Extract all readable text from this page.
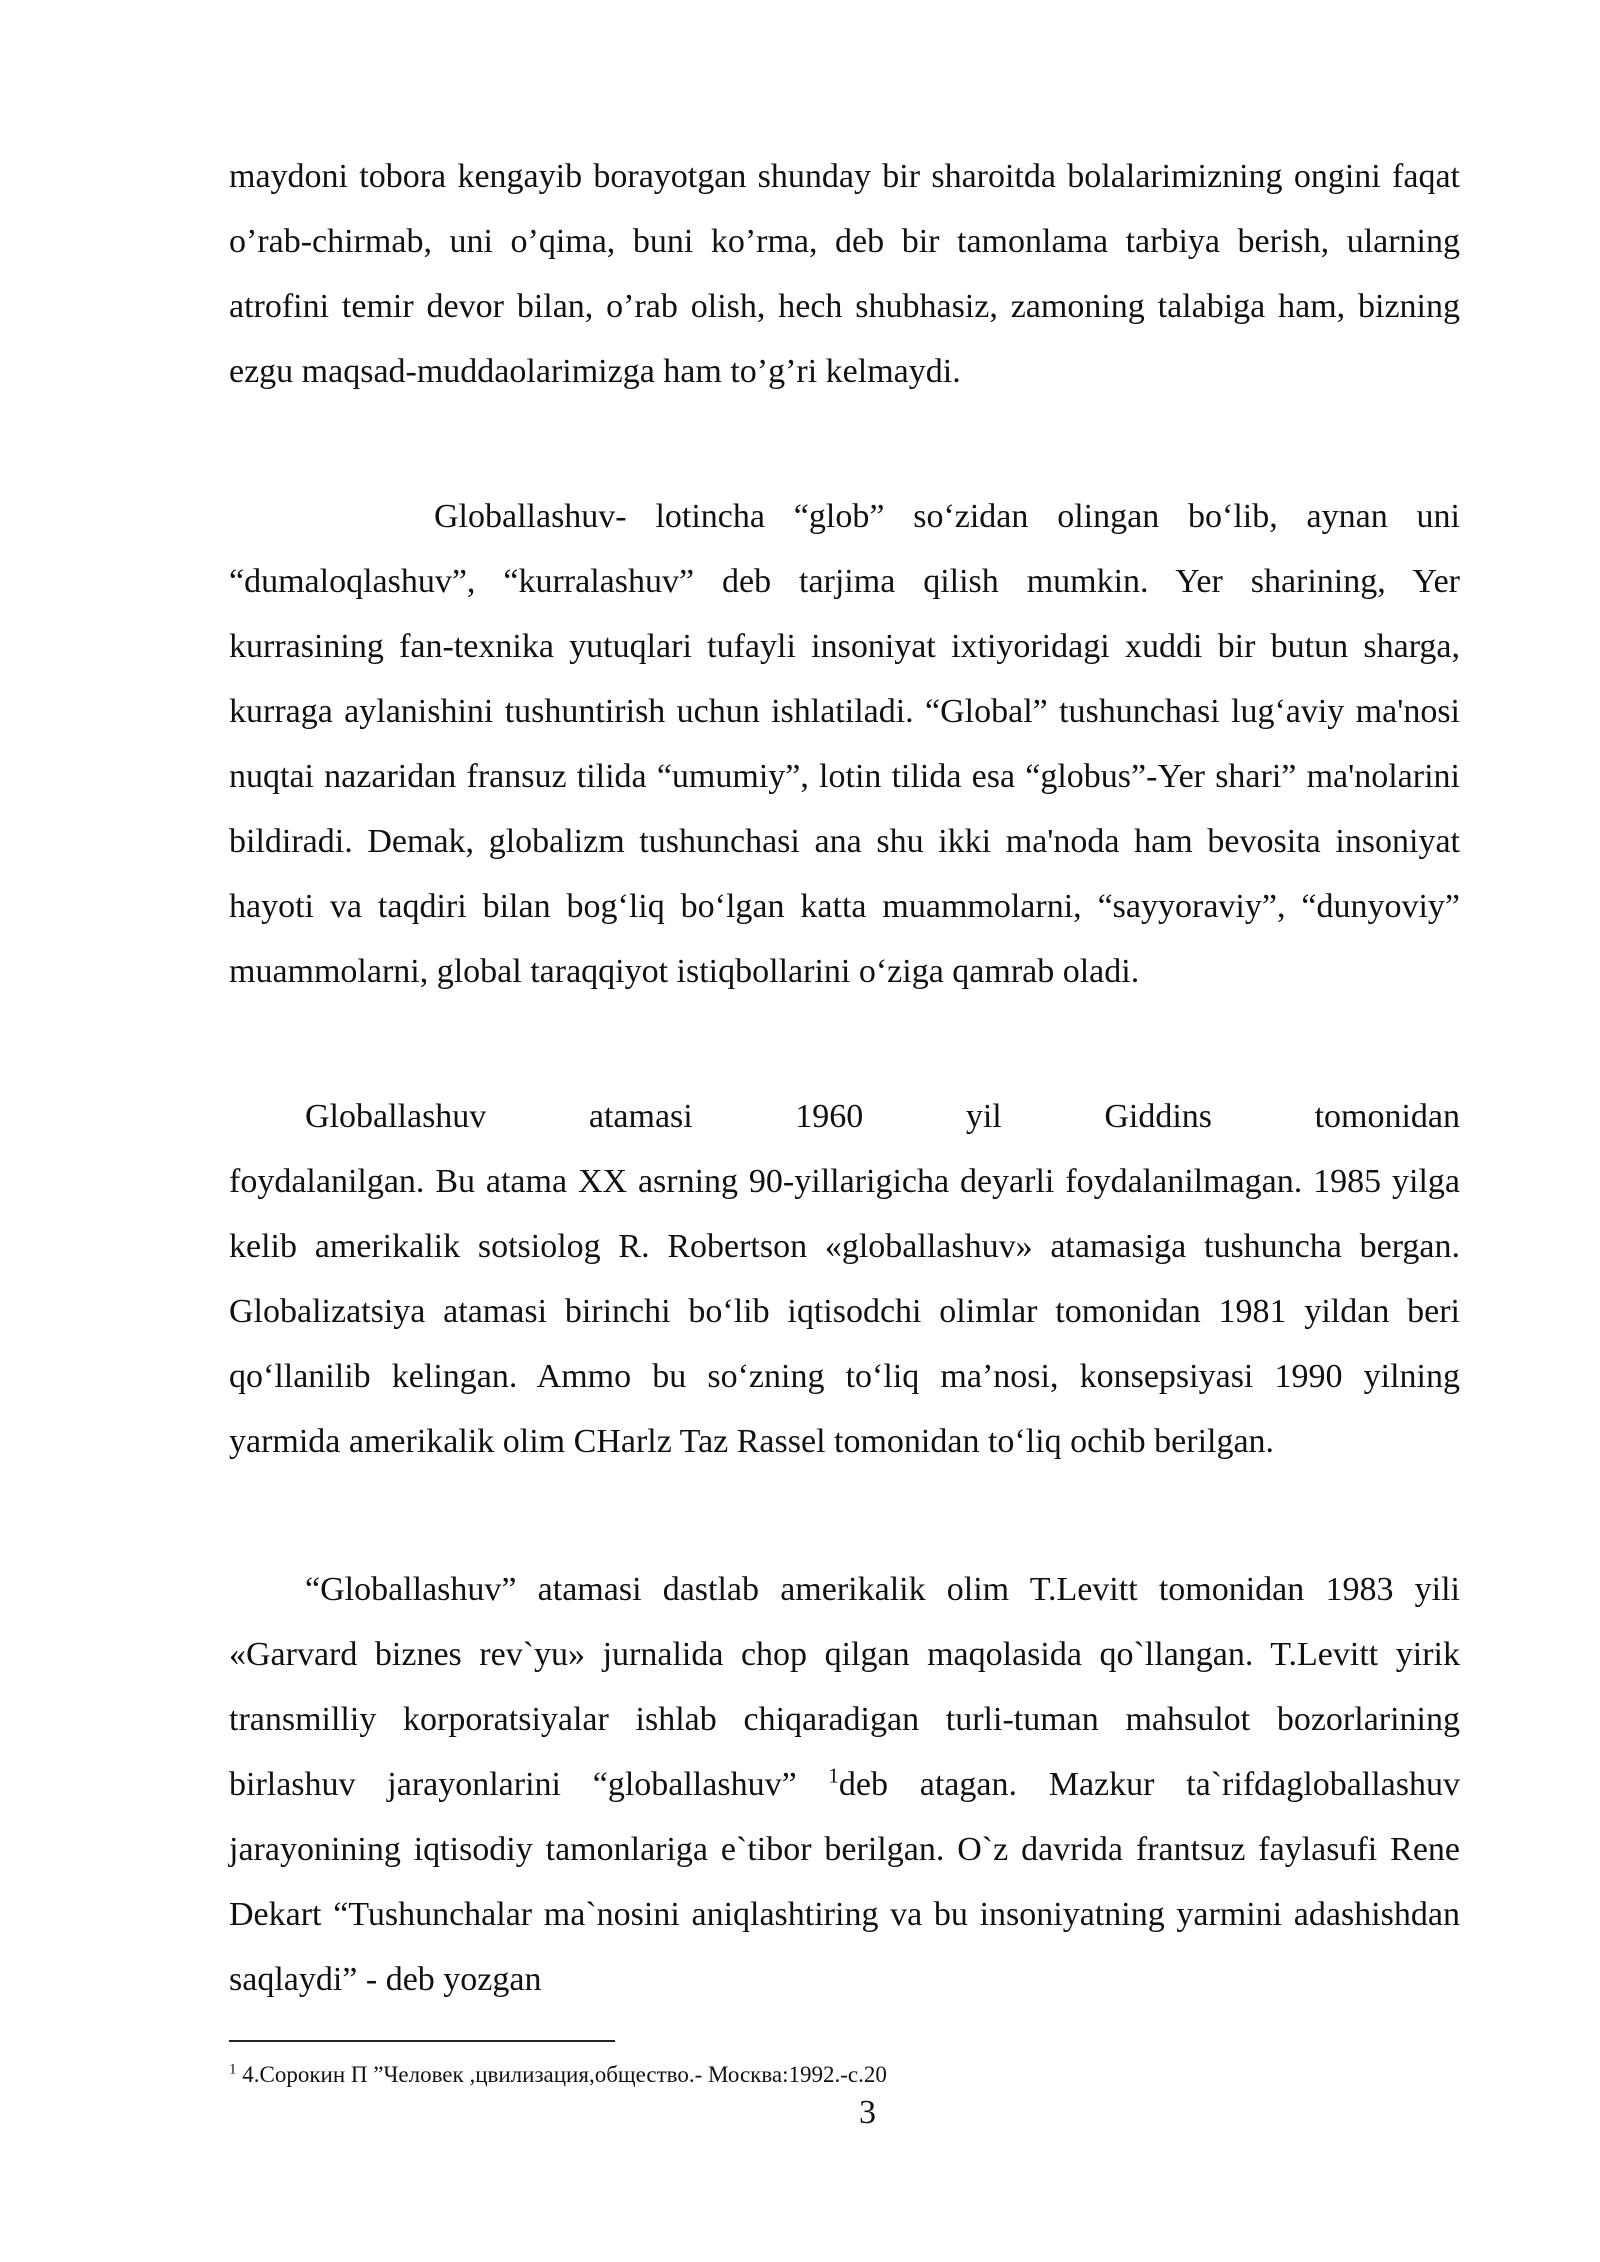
maydoni tobora kengayib borayotgan shunday bir sharoitda bolalarimizning ongini faqat o’rab-chirmab, uni o’qima, buni ko’rma, deb bir tamonlama tarbiya berish, ularning atrofini temir devor bilan, o’rab olish, hech shubhasiz, zamoning talabiga ham, bizning ezgu maqsad-muddaolarimizga ham to’g’ri kelmaydi.

Globallashuv- lotincha “glob” so‘zidan olingan bo‘lib, aynan uni “dumaloqlashuv”, “kurralashuv” deb tarjima qilish mumkin. Yer sharining, Yer kurrasining fan-texnika yutuqlari tufayli insoniyat ixtiyoridagi xuddi bir butun sharga, kurraga aylanishini tushuntirish uchun ishlatiladi. “Global” tushunchasi lug‘aviy ma'nosi nuqtai nazaridan fransuz tilida “umumiy”, lotin tilida esa “globus”-Yer shari” ma'nolarini bildiradi. Demak, globalizm tushunchasi ana shu ikki ma'noda ham bevosita insoniyat hayoti va taqdiri bilan bog‘liq bo‘lgan katta muammolarni, “sayyoraviy”, “dunyoviy” muammolarni, global taraqqiyot istiqbollarini o‘ziga qamrab oladi.

Globallashuv atamasi 1960 yil Giddins tomonidan
foydalanilgan. Bu atama XX asrning 90-yillarigicha deyarli foydalanilmagan. 1985 yilga kelib amerikalik sotsiolog R. Robertson «globallashuv» atamasiga tushuncha bergan. Globalizatsiya atamasi birinchi bo‘lib iqtisodchi olimlar tomonidan 1981 yildan beri qo‘llanilib kelingan. Ammo bu so‘zning to‘liq ma’nosi, konsepsiyasi 1990 yilning yarmida amerikalik olim CHarlz Taz Rassel tomonidan to‘liq ochib berilgan.

“Globallashuv” atamasi dastlab amerikalik olim T.Levitt tomonidan 1983 yili «Garvard biznes rev`yu» jurnalida chop qilgan maqolasida qo`llangan. T.Levitt yirik transmilliy korporatsiyalar ishlab chiqaradigan turli-tuman mahsulot bozorlarining birlashuv jarayonlarini “globallashuv” $^1$deb atagan. Mazkur ta`rifdagloballashuv jarayonining iqtisodiy tamonlariga e`tibor berilgan. O`z davrida frantsuz faylasufi Rene Dekart “Tushunchalar ma`nosini aniqlashtiring va bu insoniyatning yarmini adashishdan saqlaydi” - deb yozgan

$^1$ 4.Сорокин П ”Человек ,цвилизация,общество.- Москва:1992.-с.20
3
